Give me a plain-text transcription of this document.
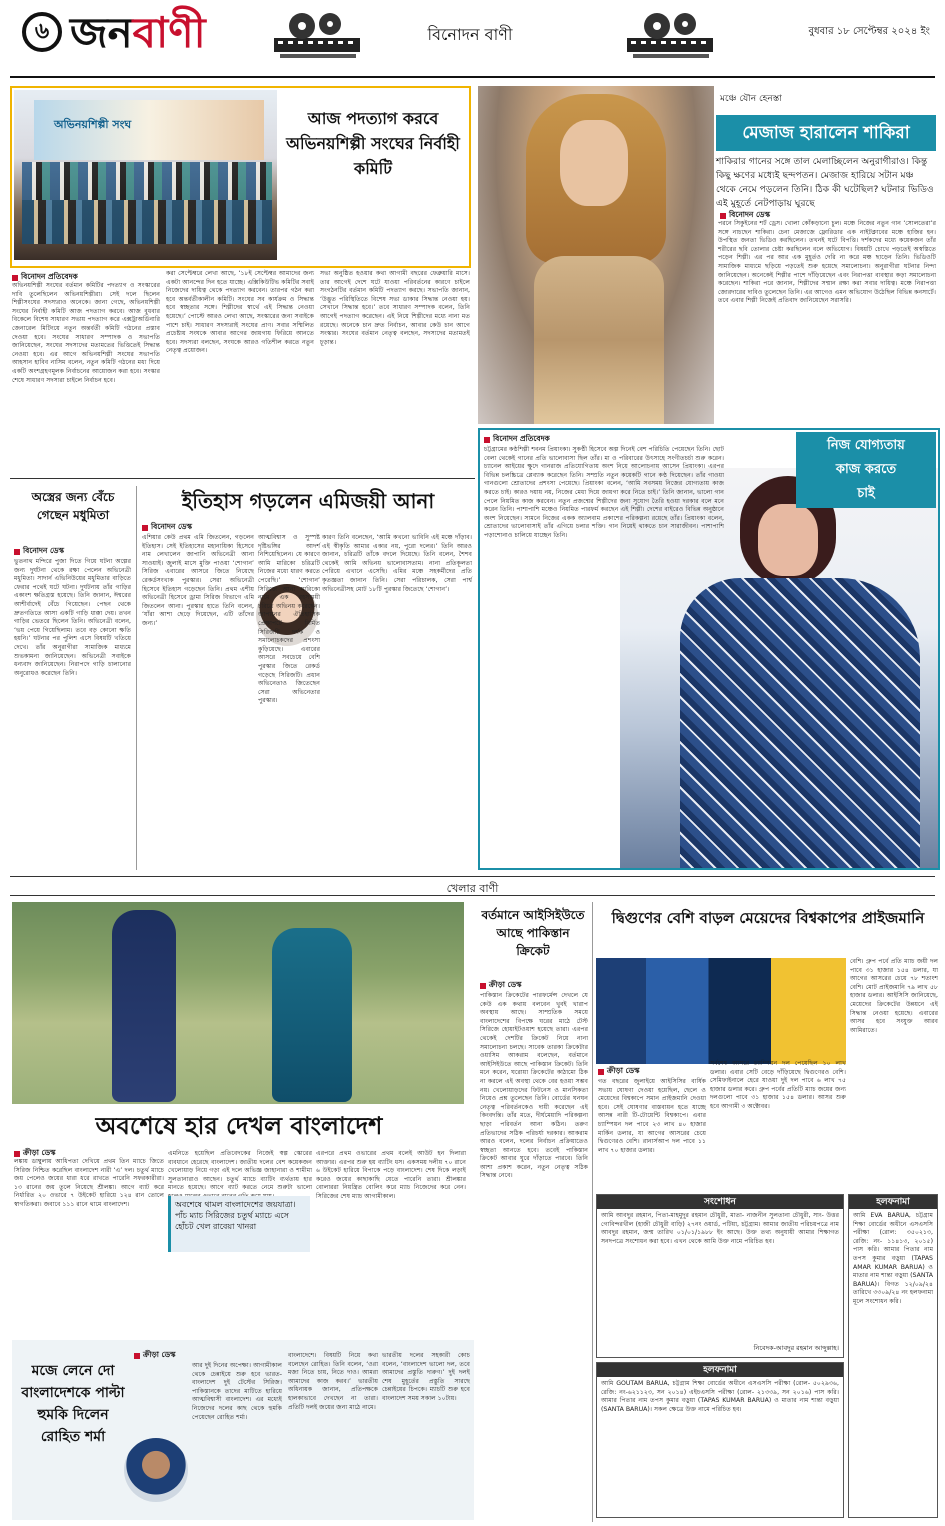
৬ জনবাণী	বিনোদন বাণী	বুধবার ১৮ সেপ্টেম্বর ২০২৪ ইং
অভিনয়শিল্পী সংঘ	আজ পদত্যাগ করবে অভিনয়শিল্পী সংঘের নির্বাহী কমিটি
বিনোদন প্রতিবেদক
অভিনয়শিল্পী সংঘের বর্তমান কমিটির পদত্যাগ ও সংস্কারের দাবি তুলেছিলেন অভিনয়শিল্পীরা। সেই দলে ছিলেন শিল্পীসংঘের সদস্যরাও অনেকে। জানা গেছে, অভিনয়শিল্পী সংঘের নির্বাহী কমিটি আজ পদত্যাগ করবে। আজ বুধবার বিকেলে বিশেষ সাধারণ সভায় পদত্যাগ করে এক্সট্রাঅর্ডিনারি জেনারেল মিটিংয়ে নতুন অন্তর্বর্তী কমিটি গঠনের প্রস্তাব দেওয়া হবে। সংঘের সাধারণ সম্পাদক ও সভাপতি জানিয়েছেন, সংঘের সদস্যদের মতামতের ভিত্তিতেই সিদ্ধান্ত নেওয়া হবে। এর আগে অভিনয়শিল্পী সংঘের সভাপতি আহসান হাবিব নাসিম বলেন, নতুন কমিটি গঠনের মধ্য দিয়ে একটি অংশগ্রহণমূলক নির্বাচনের আয়োজন করা হবে। সংস্কার শেষে সাধারণ সদস্যরা চাইলে নির্বাচন হবে।
করা সেপ্টেম্বরে লেখা আছে, ‘১৮ই সেপ্টেম্বর আমাদের জন্য একটা আনন্দের দিন হতে যাচ্ছে। এক্সিকিউটিভ কমিটির সবাই নিজেদের দায়িত্ব থেকে পদত্যাগ করবেন। তারপর গঠন করা হবে অন্তর্বর্তীকালীন কমিটি। সংঘের সব কার্যক্রম ও সিদ্ধান্ত হবে স্বচ্ছতার সঙ্গে। শিল্পীদের স্বার্থে এই সিদ্ধান্ত নেওয়া হয়েছে।’ পোস্টে আরও লেখা আছে, সংস্কারের জন্য সবাইকে পাশে চাই। সাধারণ সদস্যরাই সংঘের প্রাণ। সবার সম্মিলিত প্রচেষ্টায় সংঘকে আবার আগের জায়গায় ফিরিয়ে আনতে হবে। সদস্যরা বলছেন, সংঘকে আরও গতিশীল করতে নতুন নেতৃত্ব প্রয়োজন।
সভা অনুষ্ঠিত হওয়ার কথা আগামী বছরের ফেব্রুয়ারি মাসে। তার আগেই দেশে ঘটে যাওয়া পরিবর্তনের কারণে চাইলে সংগঠনটির বর্তমান কমিটি পদত্যাগ করছে। সভাপতি জানান, ‘উদ্ভূত পরিস্থিতিতে বিশেষ সভা ডাকার সিদ্ধান্ত নেওয়া হয়। সেখানে সিদ্ধান্ত হবে।’ তবে সাধারণ সম্পাদক বলেন, তিনি আগেই পদত্যাগ করেছেন। এই নিয়ে শিল্পীদের মধ্যে নানা মত রয়েছে। অনেকে চান দ্রুত নির্বাচন, আবার কেউ চান আগে সংস্কার। সংঘের বর্তমান নেতৃত্ব বলছেন, সদস্যদের মতামতই চূড়ান্ত।
মঞ্চে যৌন হেনস্তা
মেজাজ হারালেন শাকিরা
শাকিরার গানের সঙ্গে তাল মেলাচ্ছিলেন অনুরাগীরাও। কিন্তু কিছু ক্ষণের মধ্যেই ছন্দপতন। মেজাজ হারিয়ে সটান মঞ্চ থেকে নেমে পড়লেন তিনি। ঠিক কী ঘটেছিল? ঘটনার ভিডিও এই মুহূর্তে নেটপাড়ায় ঘুরছে
বিনোদন ডেস্ক
পরনে সিকুইনের শর্ট ড্রেস। খোলা কোঁকড়ানো চুল। মঞ্চে নিজের নতুন গান ‘সোলতেরা’র সঙ্গে নাচছেন শাকিরা। চেনা মেজাজে ফ্লোরিডার এক নাইটক্লাবের মঞ্চে হাজির হন। উপস্থিত জনতা ভিডিও করছিলেন। তখনই ঘটে বিপত্তি। দর্শকদের মধ্যে কয়েকজন তাঁর শরীরের ছবি তোলার চেষ্টা করছিলেন বলে অভিযোগ। বিষয়টি চোখে পড়তেই অস্বস্তিতে পড়েন শিল্পী। এর পর আর এক মুহূর্তও দেরি না করে মঞ্চ ছাড়েন তিনি। ভিডিওটি সামাজিক মাধ্যমে ছড়িয়ে পড়তেই শুরু হয়েছে সমালোচনা। অনুরাগীরা ঘটনার নিন্দা জানিয়েছেন। অনেকেই শিল্পীর পাশে দাঁড়িয়েছেন এবং নিরাপত্তা ব্যবস্থার কড়া সমালোচনা করেছেন। শাকিরা পরে জানান, শিল্পীদের সম্মান রক্ষা করা সবার দায়িত্ব। মঞ্চে নিরাপত্তা জোরদারের দাবিও তুলেছেন তিনি। এর আগেও এমন অভিযোগ উঠেছিল বিভিন্ন কনসার্টে। তবে এবার শিল্পী নিজেই প্রতিবাদ জানিয়েছেন সরাসরি।
অস্ত্রের জন্য বেঁচে গেছেন মধুমিতা
বিনোদন ডেস্ক
ভুতনাথ মন্দিরে পুজা দিতে গিয়ে ঘটনা অল্পের জন্য দুর্ঘটনা থেকে রক্ষা পেলেন অভিনেত্রী মধুমিতা। সাদার্ন এভিনিউয়ের মধুমিতার বাড়িতে ফেরার পথেই ঘটে ঘটনা। দুর্ঘটনায় তাঁর গাড়ির একাংশ ক্ষতিগ্রস্ত হয়েছে। তিনি জানান, ঈশ্বরের আশীর্বাদেই বেঁচে গিয়েছেন। পেছন থেকে দ্রুতগতিতে আসা একটি গাড়ি ধাক্কা দেয়। তখন গাড়ির ভেতরে ছিলেন তিনি। অভিনেত্রী বলেন, ‘ভয় পেয়ে গিয়েছিলাম। তবে বড় কোনো ক্ষতি হয়নি।’ ঘটনার পর পুলিশ এসে বিষয়টি খতিয়ে দেখে। তাঁর অনুরাগীরা সামাজিক মাধ্যমে শুভকামনা জানিয়েছেন। অভিনেত্রী সবাইকে ধন্যবাদ জানিয়েছেন। নিরাপদে গাড়ি চালানোর অনুরোধও করেছেন তিনি।
ইতিহাস গড়লেন এমিজয়ী আনা
বিনোদন ডেস্ক
এশিয়ার কেউ প্রথম এমি জিতলেন, গড়লেন ইতিহাস। সেই ইতিহাসের মহানায়িকা হিসেবে নাম লেখালেন জাপানি অভিনেত্রী আনা সাওয়াই। জুলাই মাসে মুক্তি পাওয়া ‘শোগান’ সিরিজ এবারের আসরে জিতে নিয়েছে রেকর্ডসংখ্যক পুরস্কার। সেরা অভিনেত্রী হিসেবে ইতিহাস গড়েছেন তিনি। প্রথম এশীয় অভিনেত্রী হিসেবে ড্রামা সিরিজ বিভাগে এমি জিতলেন আনা। পুরস্কার হাতে তিনি বলেন, ‘যাঁরা আশা ছেড়ে দিয়েছেন, এটি তাঁদের জন্য।’
আত্মবিশ্বাস ও সুস্পষ্ট দৃষ্টিভঙ্গির আদর্শ নিশিয়েছিলেন। যে কারণে আমি মারিকো চরিত্রটি নিজের মধ্যে ধারণ করতে পেরেছি।’ ‘শোগান’ সিরিজে আনা মারিকো নামে এক রহস্যময়ী চরিত্রে অভিনয় করেছেন। জাপানের ঐতিহাসিক প্রেক্ষাপটে নির্মিত সিরিজটি দর্শক ও সমালোচকদের প্রশংসা কুড়িয়েছে। এবারের আসরে সবচেয়ে বেশি পুরস্কার জিতে রেকর্ড গড়েছে সিরিজটি। প্রধান অভিনেতাও জিতেছেন সেরা অভিনেতার পুরস্কার।
কারণ তিনি বলেছেন, ‘আমি কখনো ভাবিনি এই মঞ্চে দাঁড়াব। এই স্বীকৃতি আমার একার নয়, পুরো দলের।’ তিনি আরও জানান, চরিত্রটি তাঁকে বদলে দিয়েছে। তিনি বলেন, শৈশব থেকেই আমি অভিনয় ভালোবাসতাম। নানা প্রতিকূলতা পেরিয়ে এখানে এসেছি। এমির মঞ্চে সহকর্মীদের প্রতি কৃতজ্ঞতা জানান তিনি। সেরা পরিচালক, সেরা পার্শ্ব অভিনেত্রীসহ মোট ১৮টি পুরস্কার জিতেছে ‘শোগান’।
নিজ যোগ্যতায়
কাজ করতে
চাই
বিনোদন প্রতিবেদক
চট্টগ্রামের কণ্ঠশিল্পী শবনম প্রিয়াংকা। সুকণ্ঠী হিসেবে অল্প দিনেই বেশ পরিচিতি পেয়েছেন তিনি। ছোট বেলা থেকেই গানের প্রতি ভালোবাসা ছিল তাঁর। মা ও পরিবারের উৎসাহে সংগীতচর্চা শুরু করেন। চ্যানেল আইয়ের ক্ষুদে গানরাজ প্রতিযোগিতায় অংশ নিয়ে আলোচনায় আসেন প্রিয়াংকা। এরপর বিভিন্ন চলচ্চিত্রে প্লেব্যাক করেছেন তিনি। সম্প্রতি নতুন কয়েকটি গানে কণ্ঠ দিয়েছেন। তাঁর গাওয়া গানগুলো শ্রোতাদের প্রশংসা পেয়েছে। প্রিয়াংকা বলেন, ‘আমি সবসময় নিজের যোগ্যতায় কাজ করতে চাই। কারও দয়ায় নয়, নিজের মেধা দিয়ে জায়গা করে নিতে চাই।’ তিনি জানান, ভালো গান পেলে নিয়মিত কাজ করবেন। নতুন প্রজন্মের শিল্পীদের জন্য সুযোগ তৈরি হওয়া দরকার বলে মনে করেন তিনি। পাশাপাশি মঞ্চেও নিয়মিত পারফর্ম করছেন এই শিল্পী। দেশের বাইরেও বিভিন্ন অনুষ্ঠানে অংশ নিয়েছেন। সামনে নিজের একক অ্যালবাম প্রকাশের পরিকল্পনা রয়েছে তাঁর। প্রিয়াংকা বলেন, শ্রোতাদের ভালোবাসাই তাঁর এগিয়ে চলার শক্তি। গান নিয়েই থাকতে চান সারাজীবন। পাশাপাশি পড়াশোনাও চালিয়ে যাচ্ছেন তিনি।
খেলার বাণী
অবশেষে হার দেখল বাংলাদেশ
ক্রীড়া ডেস্ক
লঙ্কায় ডাম্বুলায় আধিপত্য দেখিয়ে প্রথম তিন ম্যাচে জিতে সিরিজ নিশ্চিত করেছিল বাংলাদেশ নারী ‘এ’ দল। চতুর্থ ম্যাচে জয় পেলেও জয়ের ধারা ধরে রাখতে পারেনি সফরকারীরা। ১৩ রানের জয় তুলে নিয়েছে শ্রীলঙ্কা। আগে ব্যাট করে নির্ধারিত ২০ ওভারে ৭ উইকেট হারিয়ে ১২৪ রান তোলে স্বাগতিকরা। জবাবে ১১১ রানে থামে বাংলাদেশ।
এমনিতে হয়েছিল প্রতিবেদকের নিজেই স্বল্প স্কোরের ব্যবধানে হেরেছে বাংলাদেশ। জাতীয় দলের বেশ কয়েকজন খেলোয়াড় নিয়ে গড়া এই দলে অভিজ্ঞ জাহানারা ও শামীমা সুলতানারাও আছেন। চতুর্থ ম্যাচে ব্যাটিং ব্যর্থতায় হার মানতে হয়েছে। আগে ব্যাট করতে নেমে শুরুটা ভালো
অবশেষে থামল বাংলাদেশের জয়যাত্রা। পাঁচ ম্যাচ সিরিজের চতুর্থ ম্যাচে এসে হোঁচট খেল রাবেয়া খানরা
এরপরে প্রথম ওভারের প্রথম বলেই আউট হন দিলারা আক্তার। এরপর শুরু হয় ব্যাটিং ধস। একসময় দলীয় ৭০ রানে ৬ উইকেট হারিয়ে বিপাকে পড়ে বাংলাদেশ। শেষ দিকে লড়াই করেও জয়ের কাছাকাছি যেতে পারেনি তারা। শ্রীলঙ্কার বোলাররা নিয়ন্ত্রিত বোলিং করে ম্যাচ নিজেদের করে নেন। সিরিজের শেষ ম্যাচ আগামীকাল।
মজে লেনে দো বাংলাদেশকে পাল্টা হুমকি দিলেন রোহিত শর্মা
ক্রীড়া ডেস্ক
আর দুই দিনের অপেক্ষা। আগামীকাল থেকে চেন্নাইয়ে শুরু হবে ভারত-বাংলাদেশ দুই টেস্টের সিরিজ। পাকিস্তানকে তাদের মাটিতে হারিয়ে আত্মবিশ্বাসী বাংলাদেশ। এর মধ্যেই নিজেদের দলের কাছ থেকে হুমকি পেয়েছেন রোহিত শর্মা।
বাংলাদেশে। বিষয়টি নিয়ে কথা বলেছেন রোহিত। তিনি বলেন, ‘ওরা মজা নিতে চায়, নিতে দাও। আমরা আমাদের কাজ করব।’ ভারতীয় অধিনায়ক জানান, প্রতিপক্ষকে হালকাভাবে দেখছেন না তারা। প্রতিটি দলই জয়ের জন্য মাঠে নামে।
ভারতীয় দলের সহকারী কোচ বলেন, ‘বাংলাদেশ ভালো দল, তবে আমাদের প্রস্তুতি দারুণ।’ দুই দলই শেষ মুহূর্তের প্রস্তুতি সারছে চেন্নাইয়ের চিপকে। ম্যাচটি শুরু হবে বাংলাদেশ সময় সকাল ১০টায়।
বর্তমানে আইসিইউতে আছে পাকিস্তান ক্রিকেট
ক্রীড়া ডেস্ক
পাকিস্তান ক্রিকেটের পারফর্মেন্স দেখলে যে কেউ এক কথায় বলবেন খুবই খারাপ অবস্থায় আছে। সাম্প্রতিক সময়ে বাংলাদেশের বিপক্ষে ঘরের মাঠে টেস্ট সিরিজে হোয়াইটওয়াশ হয়েছে তারা। এরপর থেকেই দেশটির ক্রিকেট নিয়ে নানা সমালোচনা চলছে। সাবেক তারকা ক্রিকেটার ওয়াসিম আকরাম বলেছেন, বর্তমানে আইসিইউতে আছে পাকিস্তান ক্রিকেট। তিনি মনে করেন, ঘরোয়া ক্রিকেটের কাঠামো ঠিক না করলে এই অবস্থা থেকে বের হওয়া সম্ভব নয়। খেলোয়াড়দের ফিটনেস ও মানসিকতা নিয়েও প্রশ্ন তুলেছেন তিনি। বোর্ডের ঘনঘন নেতৃত্ব পরিবর্তনকেও দায়ী করেছেন এই কিংবদন্তি। তাঁর মতে, দীর্ঘমেয়াদি পরিকল্পনা ছাড়া পরিবর্তন আনা কঠিন। তরুণ প্রতিভাদের সঠিক পরিচর্যা দরকার। আকরাম আরও বলেন, দলের নির্বাচন প্রক্রিয়াতেও স্বচ্ছতা আনতে হবে। তবেই পাকিস্তান ক্রিকেট আবার ঘুরে দাঁড়াতে পারবে। তিনি আশা প্রকাশ করেন, নতুন নেতৃত্ব সঠিক সিদ্ধান্ত নেবে।
দ্বিগুণের বেশি বাড়ল মেয়েদের বিশ্বকাপের প্রাইজমানি
ক্রীড়া ডেস্ক
গত বছরের জুলাইয়ে আইসিসির বার্ষিক সভায় ঘোষণা দেওয়া হয়েছিল, ছেলে ও মেয়েদের বিশ্বকাপে সমান প্রাইজমানি দেওয়া হবে। সেই ঘোষণার বাস্তবায়ন হতে যাচ্ছে আসন্ন নারী টি-টোয়েন্টি বিশ্বকাপে। এবার চ্যাম্পিয়ন দল পাবে ২৩ লাখ ৪০ হাজার মার্কিন ডলার, যা আগের আসরের চেয়ে দ্বিগুণেরও বেশি। রানার্সআপ দল পাবে ১১ লাখ ৭০ হাজার ডলার।
সর্বশেষ আসরে চ্যাম্পিয়ন দল পেয়েছিল ১০ লাখ ডলার। এবার সেটি বেড়ে দাঁড়িয়েছে দ্বিগুণেরও বেশি। সেমিফাইনালে হেরে যাওয়া দুই দল পাবে ৬ লাখ ৭৫ হাজার ডলার করে। গ্রুপ পর্বের প্রতিটি ম্যাচ জয়ের জন্য দলগুলো পাবে ৩১ হাজার ১৫৪ ডলার। আসর শুরু হবে আগামী ৩ অক্টোবর।
বেশি। গ্রুপ পর্বে প্রতি ম্যাচ জয়ী দল পাবে ৩১ হাজার ১৫৪ ডলার, যা আগের আসরের চেয়ে ৭৮ শতাংশ বেশি। মোট প্রাইজমানি ৭৯ লাখ ৫৮ হাজার ডলার। আইসিসি জানিয়েছে, মেয়েদের ক্রিকেটের উন্নয়নে এই সিদ্ধান্ত নেওয়া হয়েছে। এবারের আসর হবে সংযুক্ত আরব আমিরাতে।
সংশোধন
আমি আবদুর রহমান, পিতা-মাহমুদুর রহমান চৌধুরী, মাতা- নাজনীন সুলতানা চৌধুরী, সাং- উত্তর গোবিন্দরখীল (হাজী চৌধুরী বাড়ি) ২৭নং ওয়ার্ড, পটিয়া, চট্টগ্রাম। আমার জাতীয় পরিচয়পত্রে নাম আবদুর রহমান, জন্ম তারিখ ০১/০১/১৯৮৮ ইং আছে। উক্ত তথ্য অনুযায়ী আমার শিক্ষাগত সনদপত্রে সংশোধন করা হবে। এখন থেকে আমি উক্ত নামে পরিচিত হব।
নিবেদক-আবদুর রহমান আব্দুল্লাহ।
হলফনামা
আমি GOUTAM BARUA, চট্টগ্রাম শিক্ষা বোর্ডের অধীনে এসএসসি পরীক্ষা (রোল- ৫০২৯৩৬, রেজি: নং-৬২১১২৩, সন ২০১৪) এইচএসসি পরীক্ষা (রোল- ২১৩৩৯, সন ২০১৬) পাস করি। আমার পিতার নাম তপস কুমার বড়ুয়া (TAPAS KUMAR BARUA) ও মাতার নাম শান্তা বড়ুয়া (SANTA BARUA)। সকল ক্ষেত্রে উক্ত নামে পরিচিত হব।
হলফনামা
আমি EVA BARUA, চট্টগ্রাম শিক্ষা বোর্ডের অধীনে এসএসসি পরীক্ষা (রোল: ৩৫০২১৩, রেজি: নং- ১১৪১৩, ২০১৫) পাস করি। আমার পিতার নাম তপস কুমার বড়ুয়া (TAPAS AMAR KUMAR BARUA) ও মাতার নাম শান্তা বড়ুয়া (SANTA BARUA)। বিগত ১২/০৯/২৪ তারিখে ৩৩০৯/২৪ নং হলফনামা মূলে সংশোধন করি।
